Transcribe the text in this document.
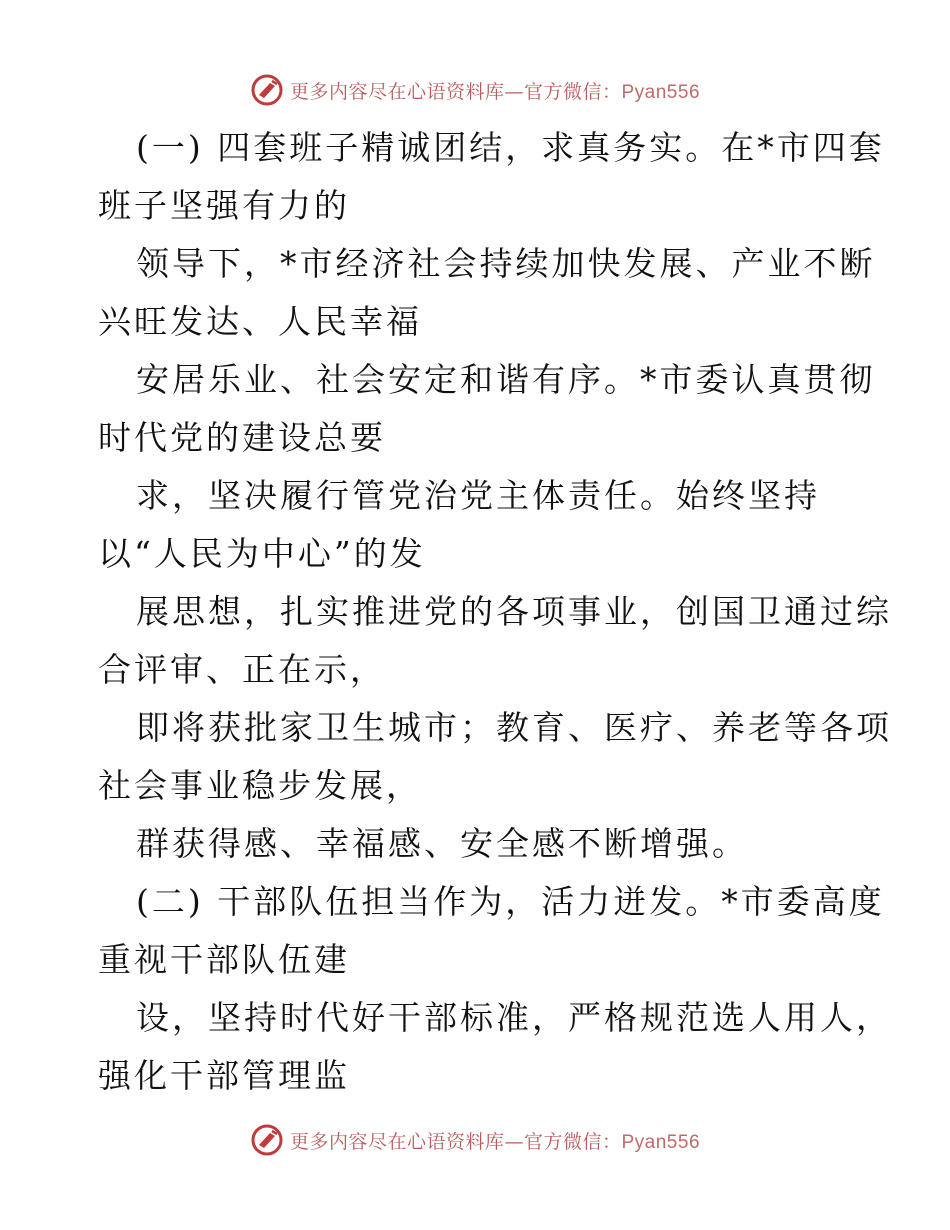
更多内容尽在心语资料库—官方微信：Pyan556
(一) 四套班子精诚团结，求真务实。在*市四套
班子坚强有力的
领导下，*市经济社会持续加快发展、产业不断
兴旺发达、人民幸福
安居乐业、社会安定和谐有序。*市委认真贯彻
时代党的建设总要
求，坚决履行管党治党主体责任。始终坚持
以“人民为中心”的发
展思想，扎实推进党的各项事业，创国卫通过综
合评审、正在示，
即将获批家卫生城市；教育、医疗、养老等各项
社会事业稳步发展，
群获得感、幸福感、安全感不断增强。
(二) 干部队伍担当作为，活力迸发。*市委高度
重视干部队伍建
设，坚持时代好干部标准，严格规范选人用人，
强化干部管理监
更多内容尽在心语资料库—官方微信：Pyan556
